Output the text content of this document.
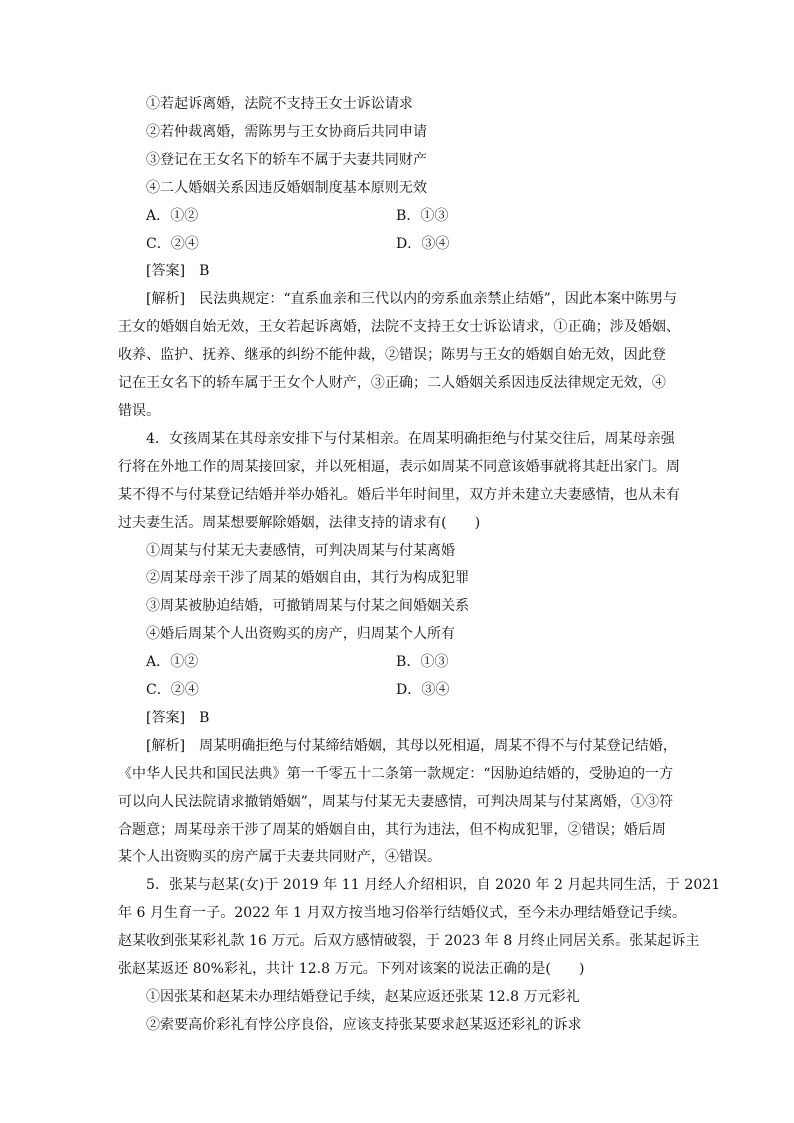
①若起诉离婚，法院不支持王女士诉讼请求
②若仲裁离婚，需陈男与王女协商后共同申请
③登记在王女名下的轿车不属于夫妻共同财产
④二人婚姻关系因违反婚姻制度基本原则无效
A．①②	B．①③
C．②④	D．③④
[答案]　B
[解析]　民法典规定：“直系血亲和三代以内的旁系血亲禁止结婚”，因此本案中陈男与
王女的婚姻自始无效，王女若起诉离婚，法院不支持王女士诉讼请求，①正确；涉及婚姻、
收养、监护、抚养、继承的纠纷不能仲裁，②错误；陈男与王女的婚姻自始无效，因此登
记在王女名下的轿车属于王女个人财产，③正确；二人婚姻关系因违反法律规定无效，④
错误。
4．女孩周某在其母亲安排下与付某相亲。在周某明确拒绝与付某交往后，周某母亲强
行将在外地工作的周某接回家，并以死相逼，表示如周某不同意该婚事就将其赶出家门。周
某不得不与付某登记结婚并举办婚礼。婚后半年时间里，双方并未建立夫妻感情，也从未有
过夫妻生活。周某想要解除婚姻，法律支持的请求有(　　)
①周某与付某无夫妻感情，可判决周某与付某离婚
②周某母亲干涉了周某的婚姻自由，其行为构成犯罪
③周某被胁迫结婚，可撤销周某与付某之间婚姻关系
④婚后周某个人出资购买的房产，归周某个人所有
A．①②	B．①③
C．②④	D．③④
[答案]　B
[解析]　周某明确拒绝与付某缔结婚姻，其母以死相逼，周某不得不与付某登记结婚，
《中华人民共和国民法典》第一千零五十二条第一款规定：“因胁迫结婚的，受胁迫的一方
可以向人民法院请求撤销婚姻”，周某与付某无夫妻感情，可判决周某与付某离婚，①③符
合题意；周某母亲干涉了周某的婚姻自由，其行为违法，但不构成犯罪，②错误；婚后周
某个人出资购买的房产属于夫妻共同财产，④错误。
5．张某与赵某(女)于 2019 年 11 月经人介绍相识，自 2020 年 2 月起共同生活，于 2021
年 6 月生育一子。2022 年 1 月双方按当地习俗举行结婚仪式，至今未办理结婚登记手续。
赵某收到张某彩礼款 16 万元。后双方感情破裂，于 2023 年 8 月终止同居关系。张某起诉主
张赵某返还 80%彩礼，共计 12.8 万元。下列对该案的说法正确的是(　　)
①因张某和赵某未办理结婚登记手续，赵某应返还张某 12.8 万元彩礼
②索要高价彩礼有悖公序良俗，应该支持张某要求赵某返还彩礼的诉求
